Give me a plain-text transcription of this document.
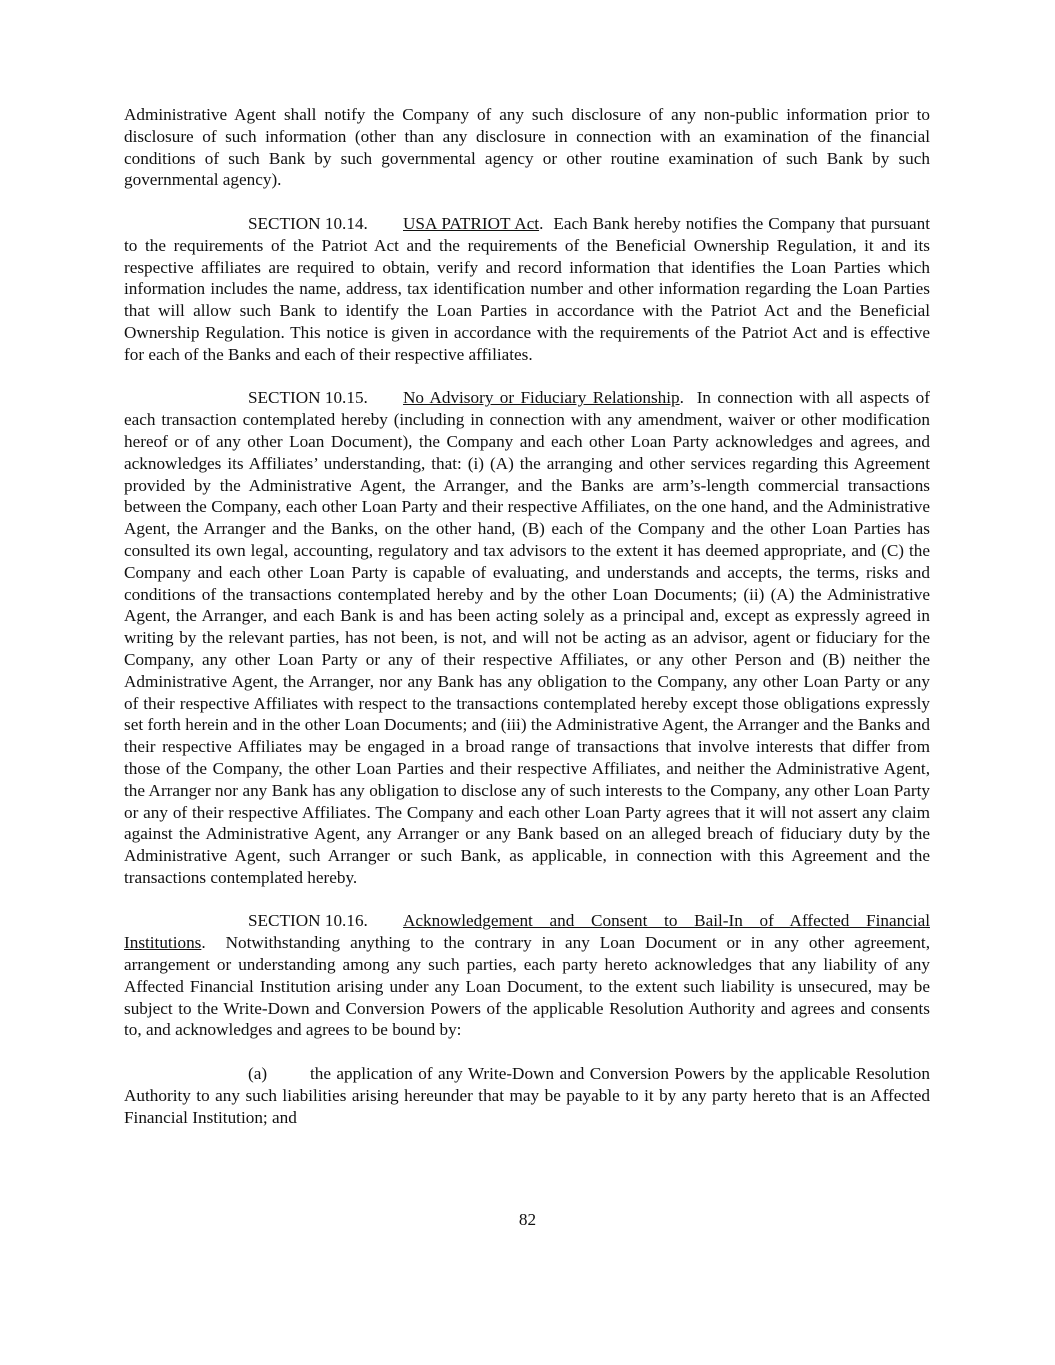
Administrative Agent shall notify the Company of any such disclosure of any non-public information prior to disclosure of such information (other than any disclosure in connection with an examination of the financial conditions of such Bank by such governmental agency or other routine examination of such Bank by such governmental agency).

SECTION 10.14. USA PATRIOT Act. Each Bank hereby notifies the Company that pursuant to the requirements of the Patriot Act and the requirements of the Beneficial Ownership Regulation, it and its respective affiliates are required to obtain, verify and record information that identifies the Loan Parties which information includes the name, address, tax identification number and other information regarding the Loan Parties that will allow such Bank to identify the Loan Parties in accordance with the Patriot Act and the Beneficial Ownership Regulation. This notice is given in accordance with the requirements of the Patriot Act and is effective for each of the Banks and each of their respective affiliates.

SECTION 10.15. No Advisory or Fiduciary Relationship. In connection with all aspects of each transaction contemplated hereby (including in connection with any amendment, waiver or other modification hereof or of any other Loan Document), the Company and each other Loan Party acknowledges and agrees, and acknowledges its Affiliates’ understanding, that: (i) (A) the arranging and other services regarding this Agreement provided by the Administrative Agent, the Arranger, and the Banks are arm’s-length commercial transactions between the Company, each other Loan Party and their respective Affiliates, on the one hand, and the Administrative Agent, the Arranger and the Banks, on the other hand, (B) each of the Company and the other Loan Parties has consulted its own legal, accounting, regulatory and tax advisors to the extent it has deemed appropriate, and (C) the Company and each other Loan Party is capable of evaluating, and understands and accepts, the terms, risks and conditions of the transactions contemplated hereby and by the other Loan Documents; (ii) (A) the Administrative Agent, the Arranger, and each Bank is and has been acting solely as a principal and, except as expressly agreed in writing by the relevant parties, has not been, is not, and will not be acting as an advisor, agent or fiduciary for the Company, any other Loan Party or any of their respective Affiliates, or any other Person and (B) neither the Administrative Agent, the Arranger, nor any Bank has any obligation to the Company, any other Loan Party or any of their respective Affiliates with respect to the transactions contemplated hereby except those obligations expressly set forth herein and in the other Loan Documents; and (iii) the Administrative Agent, the Arranger and the Banks and their respective Affiliates may be engaged in a broad range of transactions that involve interests that differ from those of the Company, the other Loan Parties and their respective Affiliates, and neither the Administrative Agent, the Arranger nor any Bank has any obligation to disclose any of such interests to the Company, any other Loan Party or any of their respective Affiliates. The Company and each other Loan Party agrees that it will not assert any claim against the Administrative Agent, any Arranger or any Bank based on an alleged breach of fiduciary duty by the Administrative Agent, such Arranger or such Bank, as applicable, in connection with this Agreement and the transactions contemplated hereby.

SECTION 10.16. Acknowledgement and Consent to Bail-In of Affected Financial Institutions. Notwithstanding anything to the contrary in any Loan Document or in any other agreement, arrangement or understanding among any such parties, each party hereto acknowledges that any liability of any Affected Financial Institution arising under any Loan Document, to the extent such liability is unsecured, may be subject to the Write-Down and Conversion Powers of the applicable Resolution Authority and agrees and consents to, and acknowledges and agrees to be bound by:

(a) the application of any Write-Down and Conversion Powers by the applicable Resolution Authority to any such liabilities arising hereunder that may be payable to it by any party hereto that is an Affected Financial Institution; and

82
